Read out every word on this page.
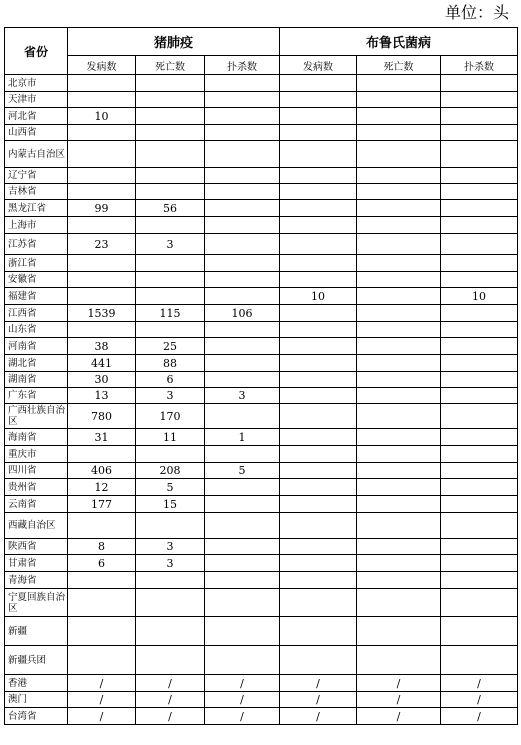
单位：头
省份	猪肺疫			布鲁氏菌病		
	发病数	死亡数	扑杀数	发病数	死亡数	扑杀数
北京市						
天津市						
河北省	10					
山西省						
内蒙古自治区						
辽宁省						
吉林省						
黑龙江省	99	56				
上海市						
江苏省	23	3				
浙江省						
安徽省						
福建省				10		10
江西省	1539	115	106			
山东省						
河南省	38	25				
湖北省	441	88				
湖南省	30	6				
广东省	13	3	3			
广西壮族自治区	780	170				
海南省	31	11	1			
重庆市						
四川省	406	208	5			
贵州省	12	5				
云南省	177	15				
西藏自治区						
陕西省	8	3				
甘肃省	6	3				
青海省						
宁夏回族自治区						
新疆						
新疆兵团						
香港	/	/	/	/	/	/
澳门	/	/	/	/	/	/
台湾省	/	/	/	/	/	/
